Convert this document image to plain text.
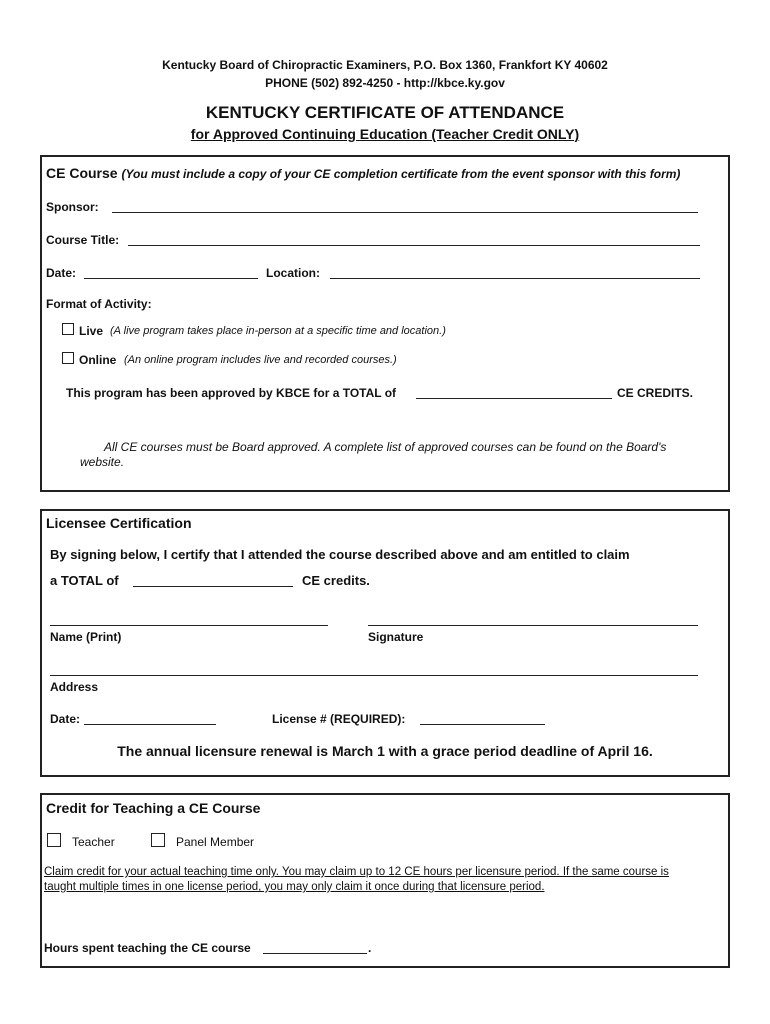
Kentucky Board of Chiropractic Examiners, P.O. Box 1360, Frankfort KY 40602
PHONE (502) 892-4250 - http://kbce.ky.gov
KENTUCKY CERTIFICATE OF ATTENDANCE
for Approved Continuing Education (Teacher Credit ONLY)
CE Course (You must include a copy of your CE completion certificate from the event sponsor with this form)
Sponsor:
Course Title:
Date:	Location:
Format of Activity:
Live (A live program takes place in-person at a specific time and location.)
Online (An online program includes live and recorded courses.)
This program has been approved by KBCE for a TOTAL of	CE CREDITS.
All CE courses must be Board approved. A complete list of approved courses can be found on the Board's
website.
Licensee Certification
By signing below, I certify that I attended the course described above and am entitled to claim
a TOTAL of	CE credits.
Name (Print)	Signature
Address
Date:	License # (REQUIRED):
The annual licensure renewal is March 1 with a grace period deadline of April 16.
Credit for Teaching a CE Course
Teacher	Panel Member
Claim credit for your actual teaching time only. You may claim up to 12 CE hours per licensure period. If the same course is
taught multiple times in one license period, you may only claim it once during that licensure period.
Hours spent teaching the CE course	.
